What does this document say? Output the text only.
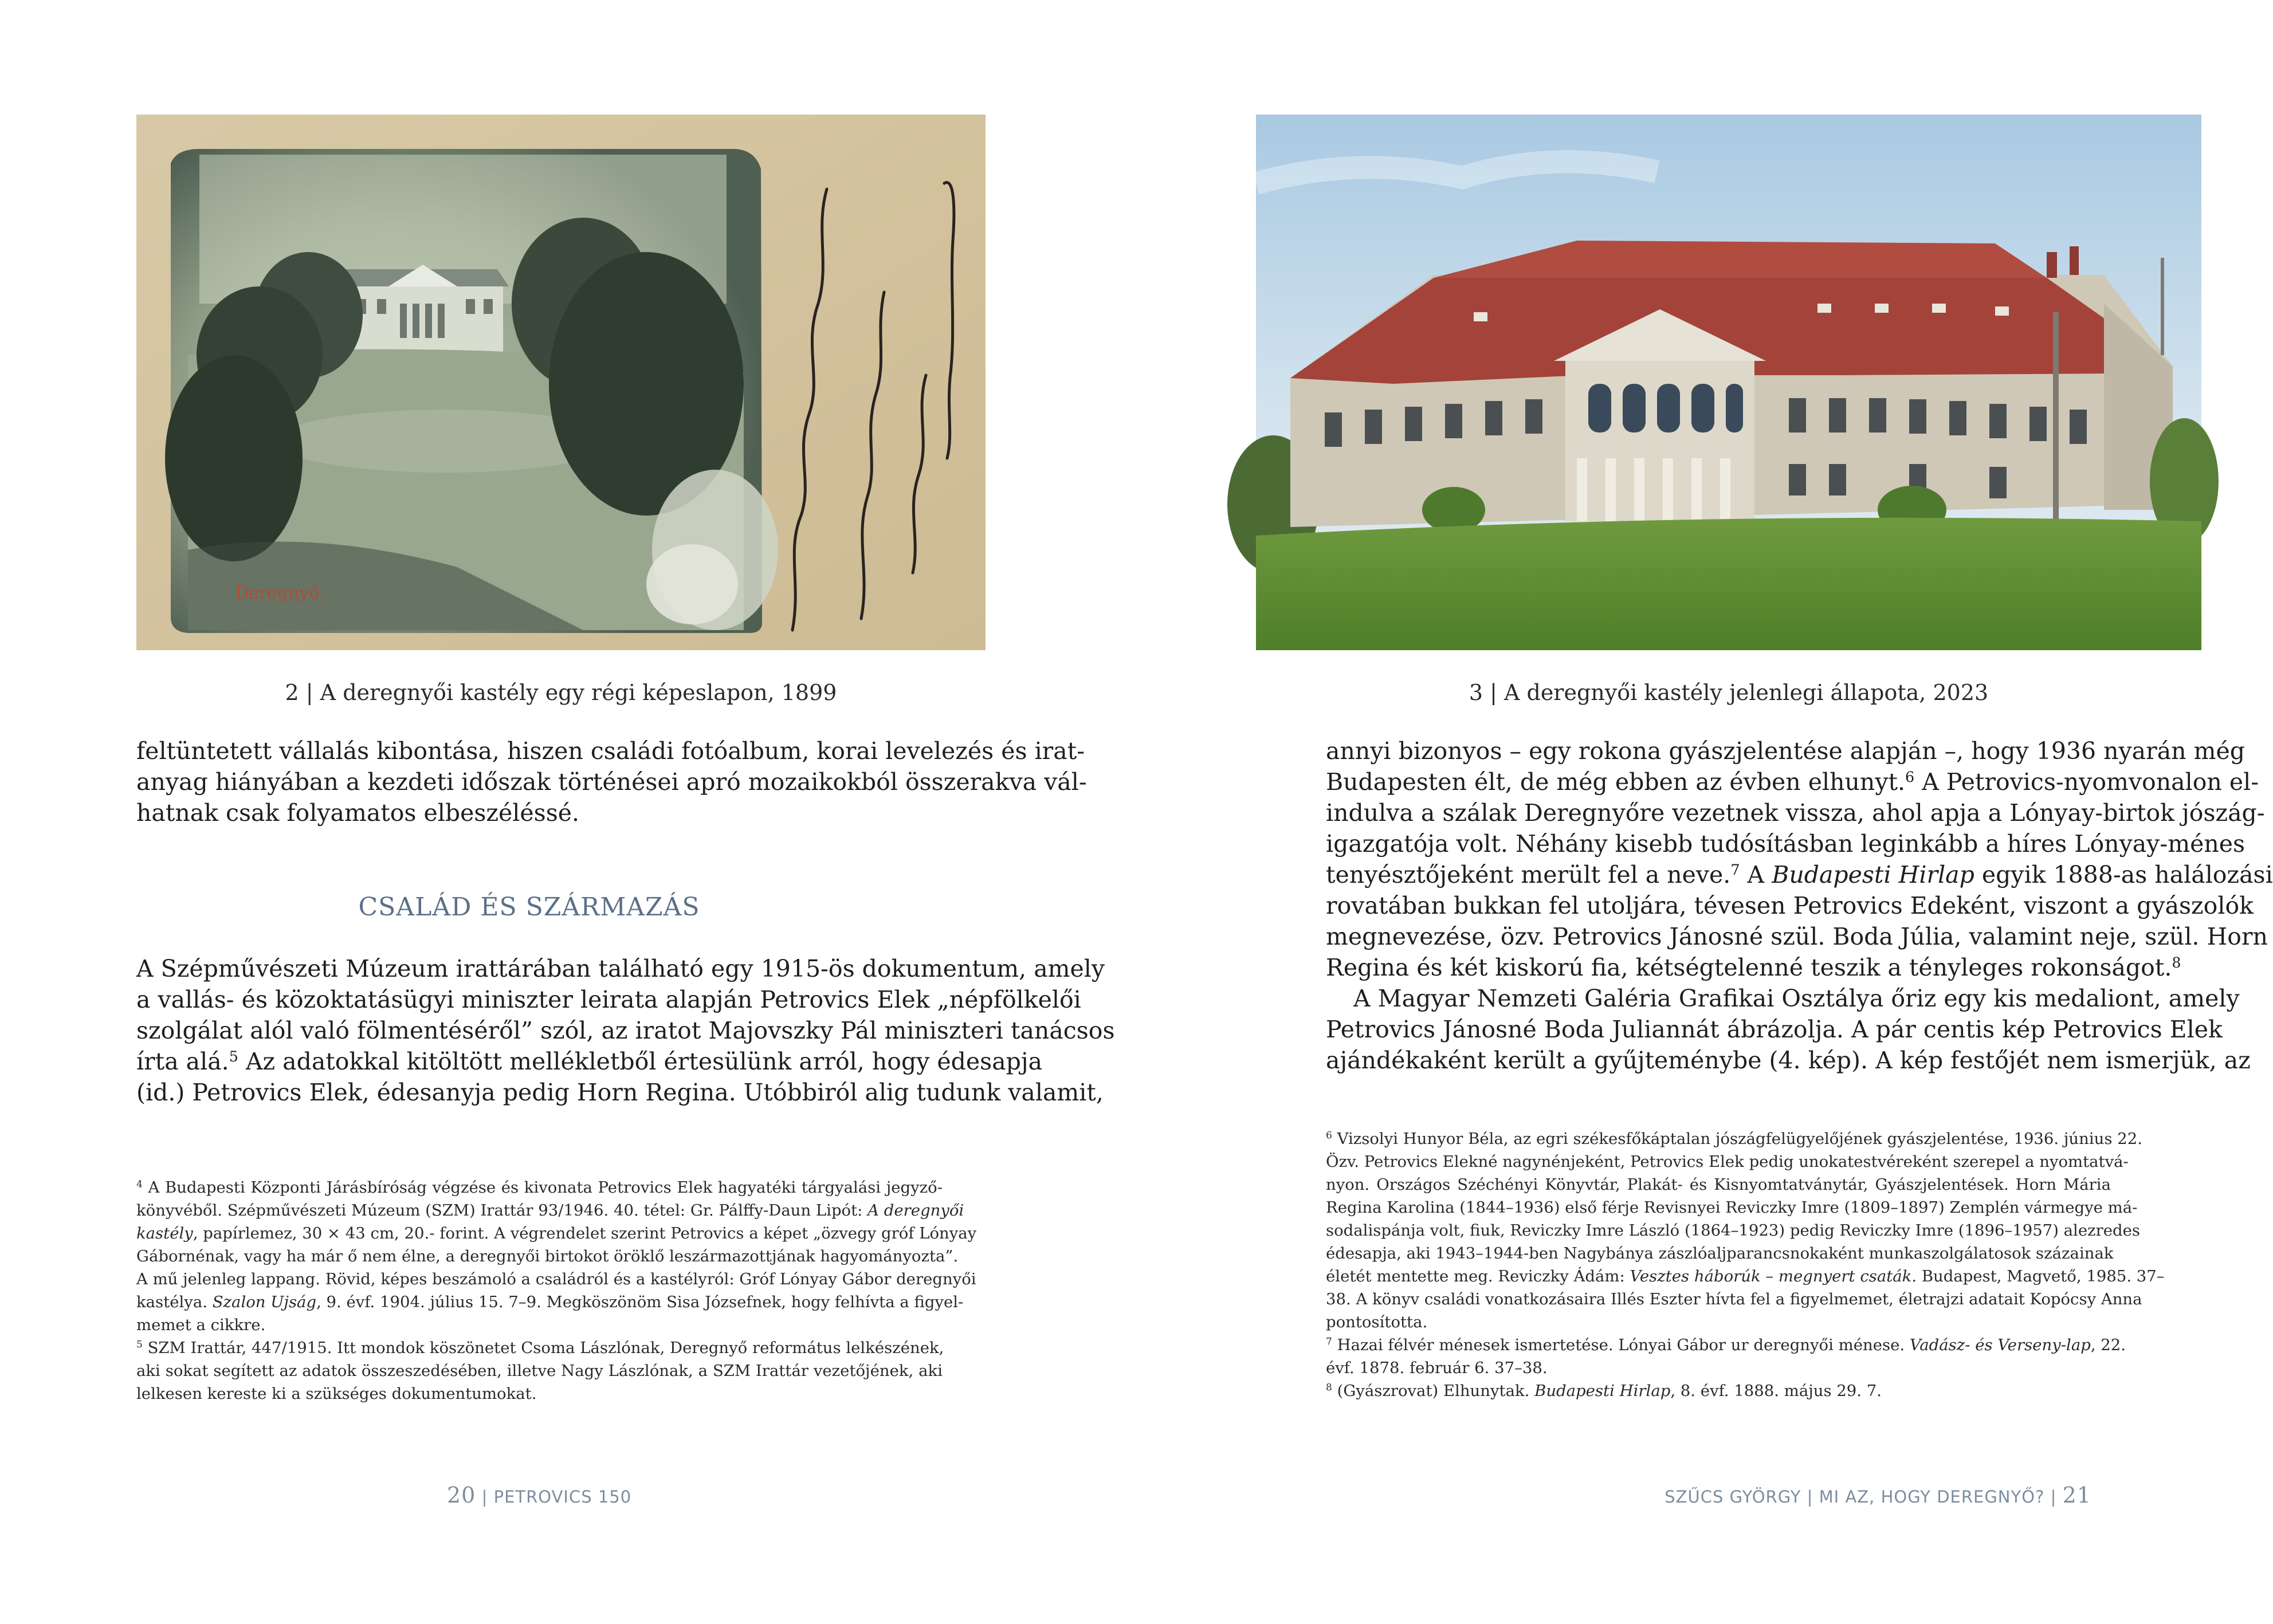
Deregnyő.
2 | A deregnyői kastély egy régi képeslapon, 1899
feltüntetett vállalás kibontása, hiszen családi fotóalbum, korai levelezés és irat-
anyag hiányában a kezdeti időszak történései apró mozaikokból összerakva vál-
hatnak csak folyamatos elbeszéléssé.
CSALÁD ÉS SZÁRMAZÁS
A Szépművészeti Múzeum irattárában található egy 1915-ös dokumentum, amely
a vallás- és közoktatásügyi miniszter leirata alapján Petrovics Elek „népfölkelői
szolgálat alól való fölmentéséről” szól, az iratot Majovszky Pál miniszteri tanácsos
írta alá.$^5$ Az adatokkal kitöltött mellékletből értesülünk arról, hogy édesapja
(id.) Petrovics Elek, édesanyja pedig Horn Regina. Utóbbiról alig tudunk valamit,
$^4$ A Budapesti Központi Járásbíróság végzése és kivonata Petrovics Elek hagyatéki tárgyalási jegyző-
könyvéből. Szépművészeti Múzeum (SZM) Irattár 93/1946. 40. tétel: Gr. Pálffy-Daun Lipót: A deregnyői
kastély, papírlemez, 30 × 43 cm, 20.- forint. A végrendelet szerint Petrovics a képet „özvegy gróf Lónyay
Gábornénak, vagy ha már ő nem élne, a deregnyői birtokot öröklő leszármazottjának hagyományozta”.
A mű jelenleg lappang. Rövid, képes beszámoló a családról és a kastélyról: Gróf Lónyay Gábor deregnyői
kastélya. Szalon Ujság, 9. évf. 1904. július 15. 7–9. Megköszönöm Sisa Józsefnek, hogy felhívta a figyel-
memet a cikkre.
$^5$ SZM Irattár, 447/1915. Itt mondok köszönetet Csoma Lászlónak, Deregnyő református lelkészének,
aki sokat segített az adatok összeszedésében, illetve Nagy Lászlónak, a SZM Irattár vezetőjének, aki
lelkesen kereste ki a szükséges dokumentumokat.
20 | PETROVICS 150
3 | A deregnyői kastély jelenlegi állapota, 2023
annyi bizonyos – egy rokona gyászjelentése alapján –, hogy 1936 nyarán még
Budapesten élt, de még ebben az évben elhunyt.$^6$ A Petrovics-nyomvonalon el-
indulva a szálak Deregnyőre vezetnek vissza, ahol apja a Lónyay-birtok jószág-
igazgatója volt. Néhány kisebb tudósításban leginkább a híres Lónyay-ménes
tenyésztőjeként merült fel a neve.$^7$ A Budapesti Hirlap egyik 1888-as halálozási
rovatában bukkan fel utoljára, tévesen Petrovics Edeként, viszont a gyászolók
megnevezése, özv. Petrovics Jánosné szül. Boda Júlia, valamint neje, szül. Horn
Regina és két kiskorú fia, kétségtelenné teszik a tényleges rokonságot.$^8$
A Magyar Nemzeti Galéria Grafikai Osztálya őriz egy kis medaliont, amely
Petrovics Jánosné Boda Juliannát ábrázolja. A pár centis kép Petrovics Elek
ajándékaként került a gyűjteménybe (4. kép). A kép festőjét nem ismerjük, az
$^6$ Vizsolyi Hunyor Béla, az egri székesfőkáptalan jószágfelügyelőjének gyászjelentése, 1936. június 22.
Özv. Petrovics Elekné nagynénjeként, Petrovics Elek pedig unokatestvéreként szerepel a nyomtatvá-
nyon. Országos Széchényi Könyvtár, Plakát- és Kisnyomtatványtár, Gyászjelentések. Horn Mária
Regina Karolina (1844–1936) első férje Revisnyei Reviczky Imre (1809–1897) Zemplén vármegye má-
sodalispánja volt, fiuk, Reviczky Imre László (1864–1923) pedig Reviczky Imre (1896–1957) alezredes
édesapja, aki 1943–1944-ben Nagybánya zászlóaljparancsnokaként munkaszolgálatosok százainak
életét mentette meg. Reviczky Ádám: Vesztes háborúk – megnyert csaták. Budapest, Magvető, 1985. 37–
38. A könyv családi vonatkozásaira Illés Eszter hívta fel a figyelmemet, életrajzi adatait Kopócsy Anna
pontosította.
$^7$ Hazai félvér ménesek ismertetése. Lónyai Gábor ur deregnyői ménese. Vadász- és Verseny-lap, 22.
évf. 1878. február 6. 37–38.
$^8$ (Gyászrovat) Elhunytak. Budapesti Hirlap, 8. évf. 1888. május 29. 7.
SZŰCS GYÖRGY | MI AZ, HOGY DEREGNYŐ? | 21
